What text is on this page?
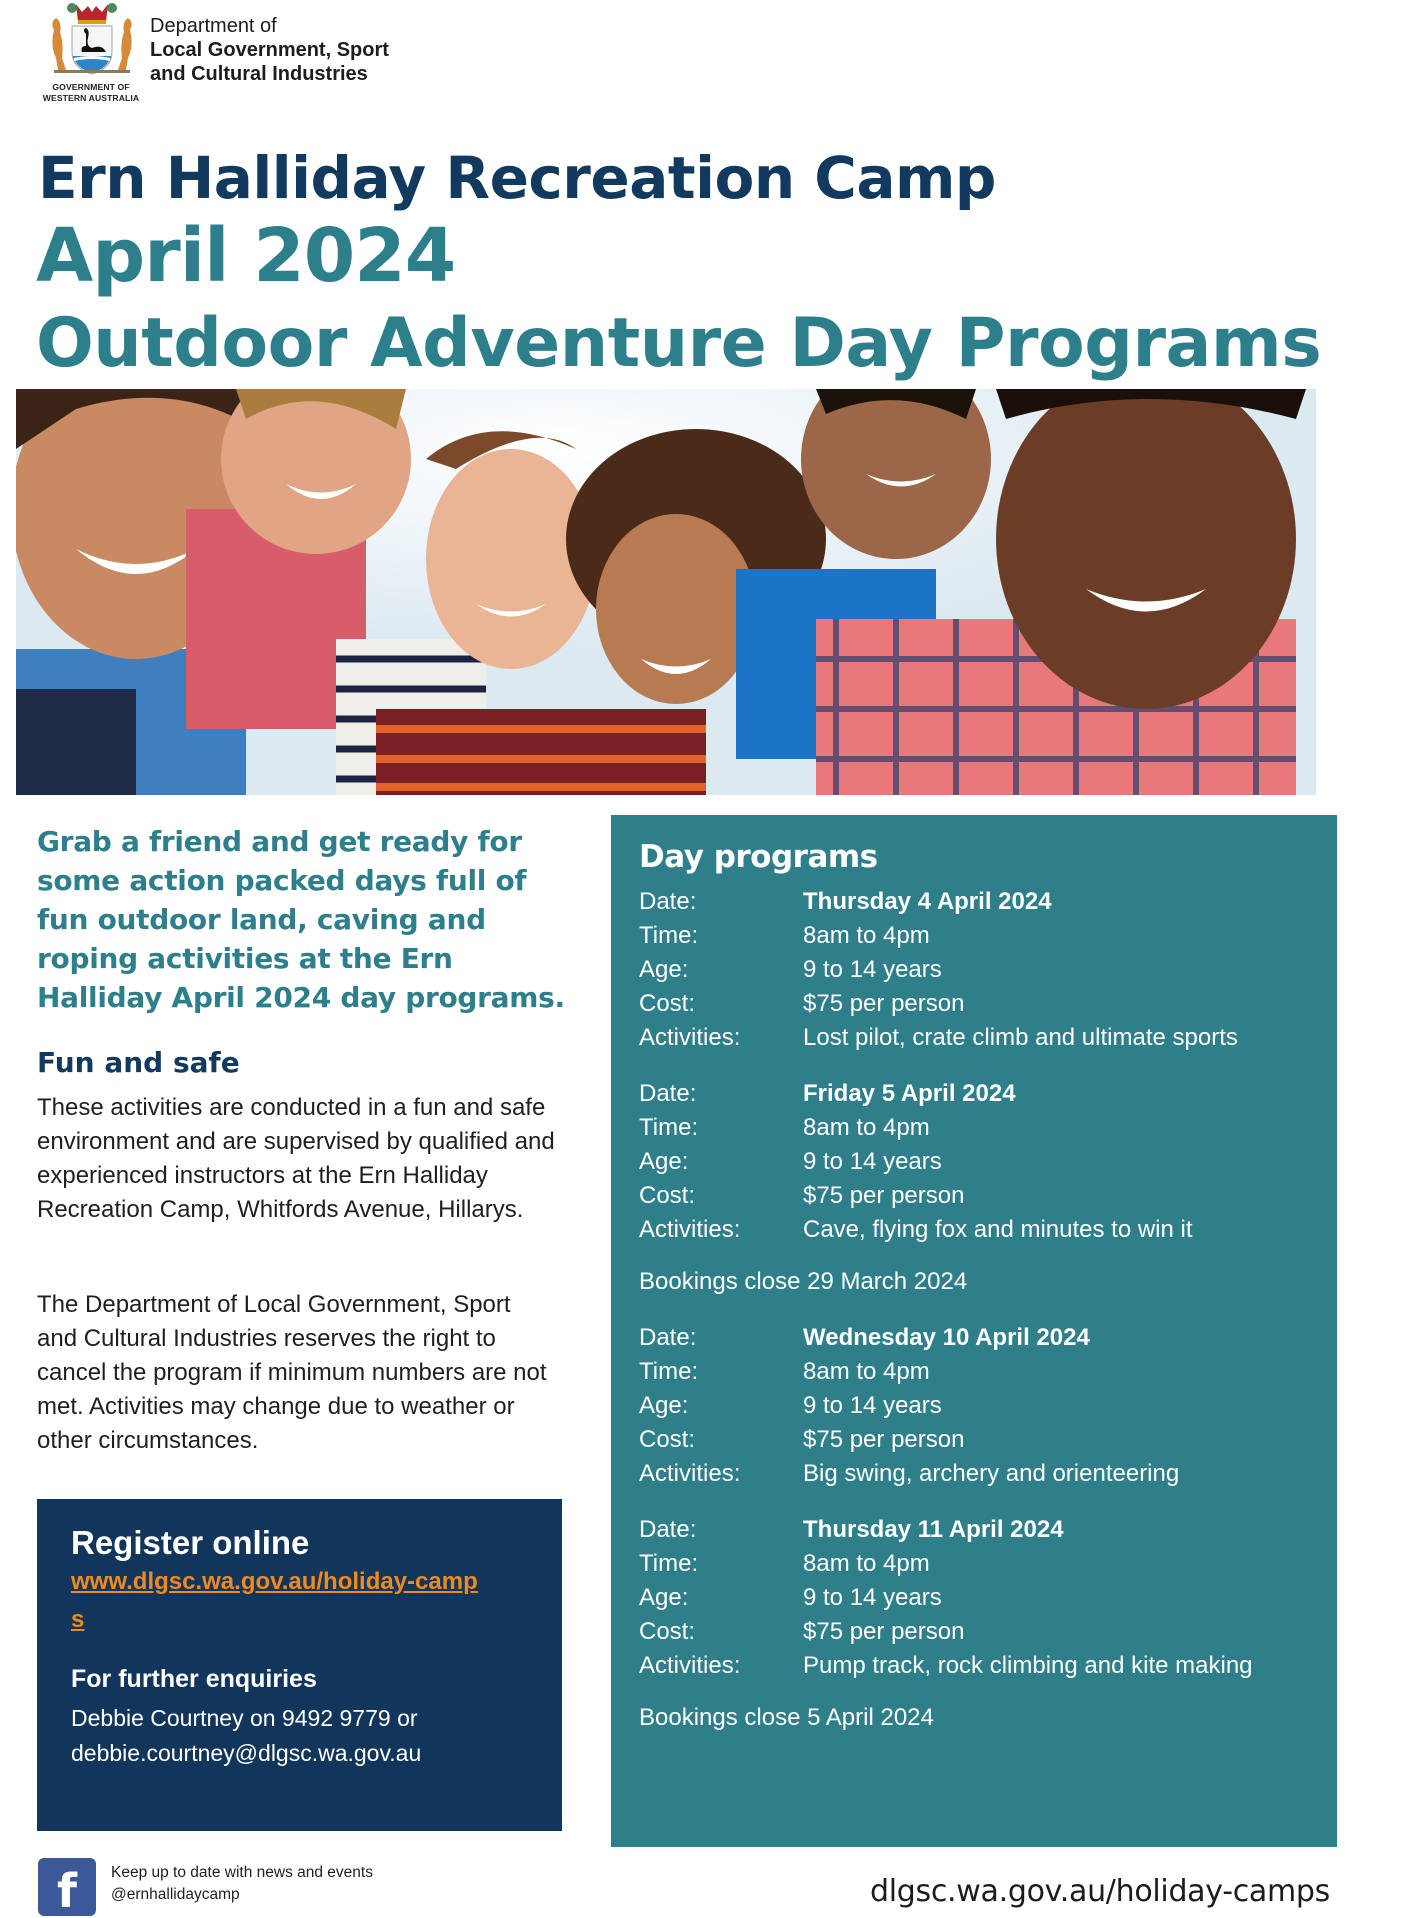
GOVERNMENT OF
WESTERN AUSTRALIA
Department of
Local Government, Sport
and Cultural Industries
Ern Halliday Recreation Camp
April 2024
Outdoor Adventure Day Programs

Grab a friend and get ready for some action packed days full of fun outdoor land, caving and roping activities at the Ern Halliday April 2024 day programs.

Fun and safe

These activities are conducted in a fun and safe environment and are supervised by qualified and experienced instructors at the Ern Halliday Recreation Camp, Whitfords Avenue, Hillarys.

The Department of Local Government, Sport and Cultural Industries reserves the right to cancel the program if minimum numbers are not met. Activities may change due to weather or other circumstances.

Register online
www.dlgsc.wa.gov.au/holiday-camps
For further enquiries
Debbie Courtney on 9492 9779 or
debbie.courtney@dlgsc.wa.gov.au
Day programs
Date:	Thursday 4 April 2024
Time:	8am to 4pm
Age:	9 to 14 years
Cost:	$75 per person
Activities:	Lost pilot, crate climb and ultimate sports
Date:	Friday 5 April 2024
Time:	8am to 4pm
Age:	9 to 14 years
Cost:	$75 per person
Activities:	Cave, flying fox and minutes to win it
Bookings close 29 March 2024
Date:	Wednesday 10 April 2024
Time:	8am to 4pm
Age:	9 to 14 years
Cost:	$75 per person
Activities:	Big swing, archery and orienteering
Date:	Thursday 11 April 2024
Time:	8am to 4pm
Age:	9 to 14 years
Cost:	$75 per person
Activities:	Pump track, rock climbing and kite making
Bookings close 5 April 2024
f	Keep up to date with news and events
@ernhallidaycamp	dlgsc.wa.gov.au/holiday-camps
